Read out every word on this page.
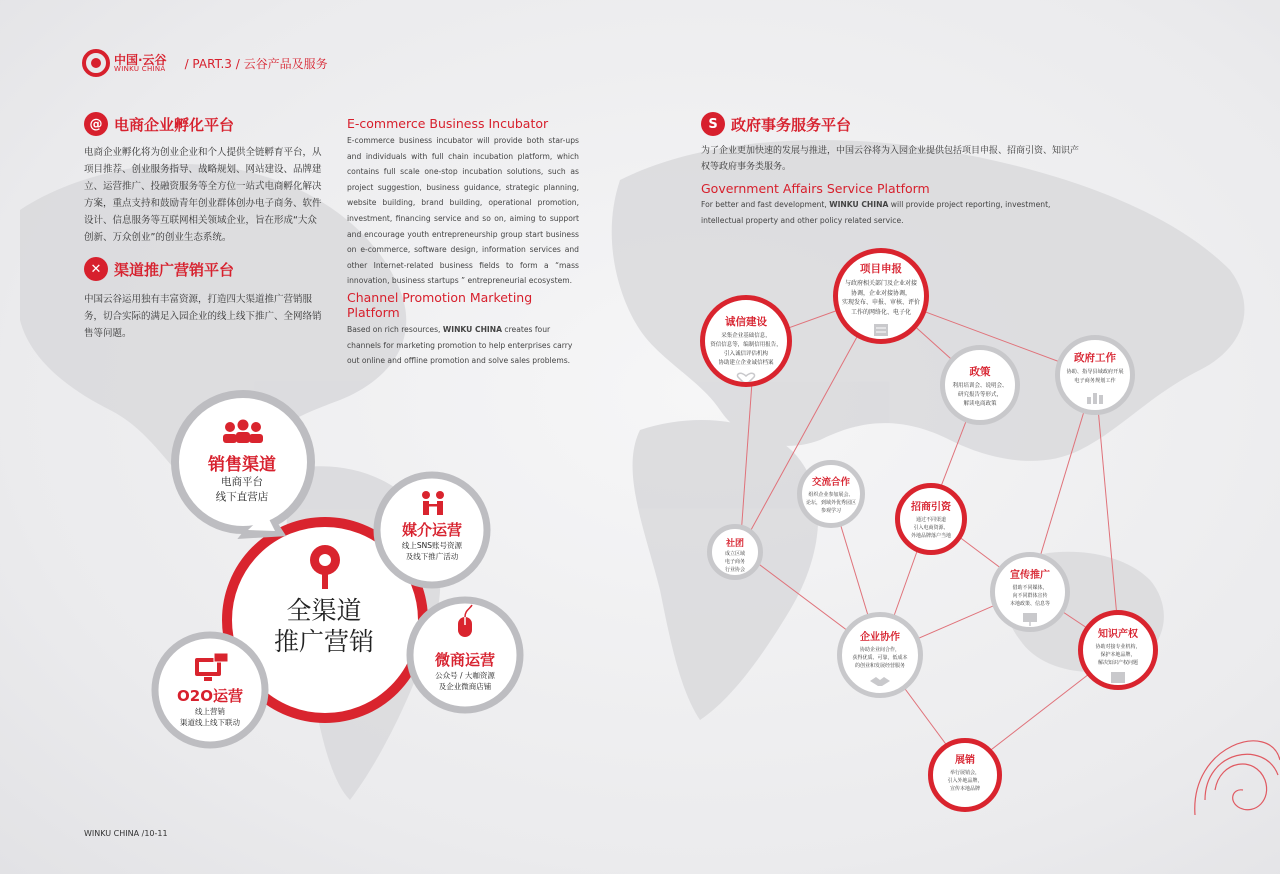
中国·云谷
WINKU CHINA / PART.3 / 云谷产品及服务
@ 电商企业孵化平台
电商企业孵化将为创业企业和个人提供全链孵育平台，从项目推荐、创业服务指导、战略规划、网站建设、品牌建立、运营推广、投融资服务等全方位一站式电商孵化解决方案，重点支持和鼓励青年创业群体创办电子商务、软件设计、信息服务等互联网相关领域企业，旨在形成“大众创新、万众创业”的创业生态系统。
✕ 渠道推广营销平台
中国云谷运用独有丰富资源，打造四大渠道推广营销服务，切合实际的满足入园企业的线上线下推广、全网络销售等问题。
E-commerce Business Incubator
E-commerce business incubator will provide both star-ups and individuals with full chain incubation platform, which contains full scale one-stop incubation solutions, such as project suggestion, business guidance, strategic planning, website building, brand building, operational promotion, investment, financing service and so on, aiming to support and encourage youth entrepreneurship group start business on e-commerce, software design, information services and other Internet-related business fields to form a “mass innovation, business startups ” entrepreneurial ecosystem.
Channel Promotion Marketing Platform
Based on rich resources, WINKU CHINA creates four channels for marketing promotion to help enterprises carry out online and offline promotion and solve sales problems.
S 政府事务服务平台
为了企业更加快速的发展与推进，中国云谷将为入园企业提供包括项目申报、招商引资、知识产权等政府事务类服务。
Government Affairs Service Platform
For better and fast development, WINKU CHINA will provide project reporting, investment, intellectual property and other policy related service.
全渠道
推广营销
销售渠道
电商平台
线下直营店
媒介运营
线上SNS账号资源
及线下推广活动
微商运营
公众号 / 大咖资源
及企业微商店铺
O2O运营
线上营销
渠道线上线下联动
项目申报
与政府相关部门及企业对接
协调，企业对接协调，
实现发布、申报、审核、评价
工作的网络化、电子化
诚信建设
采集企业基础信息，
资信信息等，编制信用报告，
引入诚信评估机构
协助建立企业诚信档案
政策
利用培训会、说明会、
研究报告等形式，
解读电商政策
政府工作
协助、指导县域政府开展
电子商务规划工作
交流合作
组织企业参加展会、
论坛，到域外优秀园区
参观学习	招商引资
通过不同渠道
引入电商资源、
外地品牌落户当地
社团
成立区域
电子商务
行业协会	宣传推广
借助不同媒体，
向不同群体宣传
本地政策、信息等
企业协作
协助企业间合作，
获得优质、可靠，低成本
的创业和发展经营服务
知识产权
协助对接专业机构，
保护本地品牌，
解决知识产权问题
展销
举行展销会，
引入外地品牌，
宣传本地品牌
WINKU CHINA /10-11
